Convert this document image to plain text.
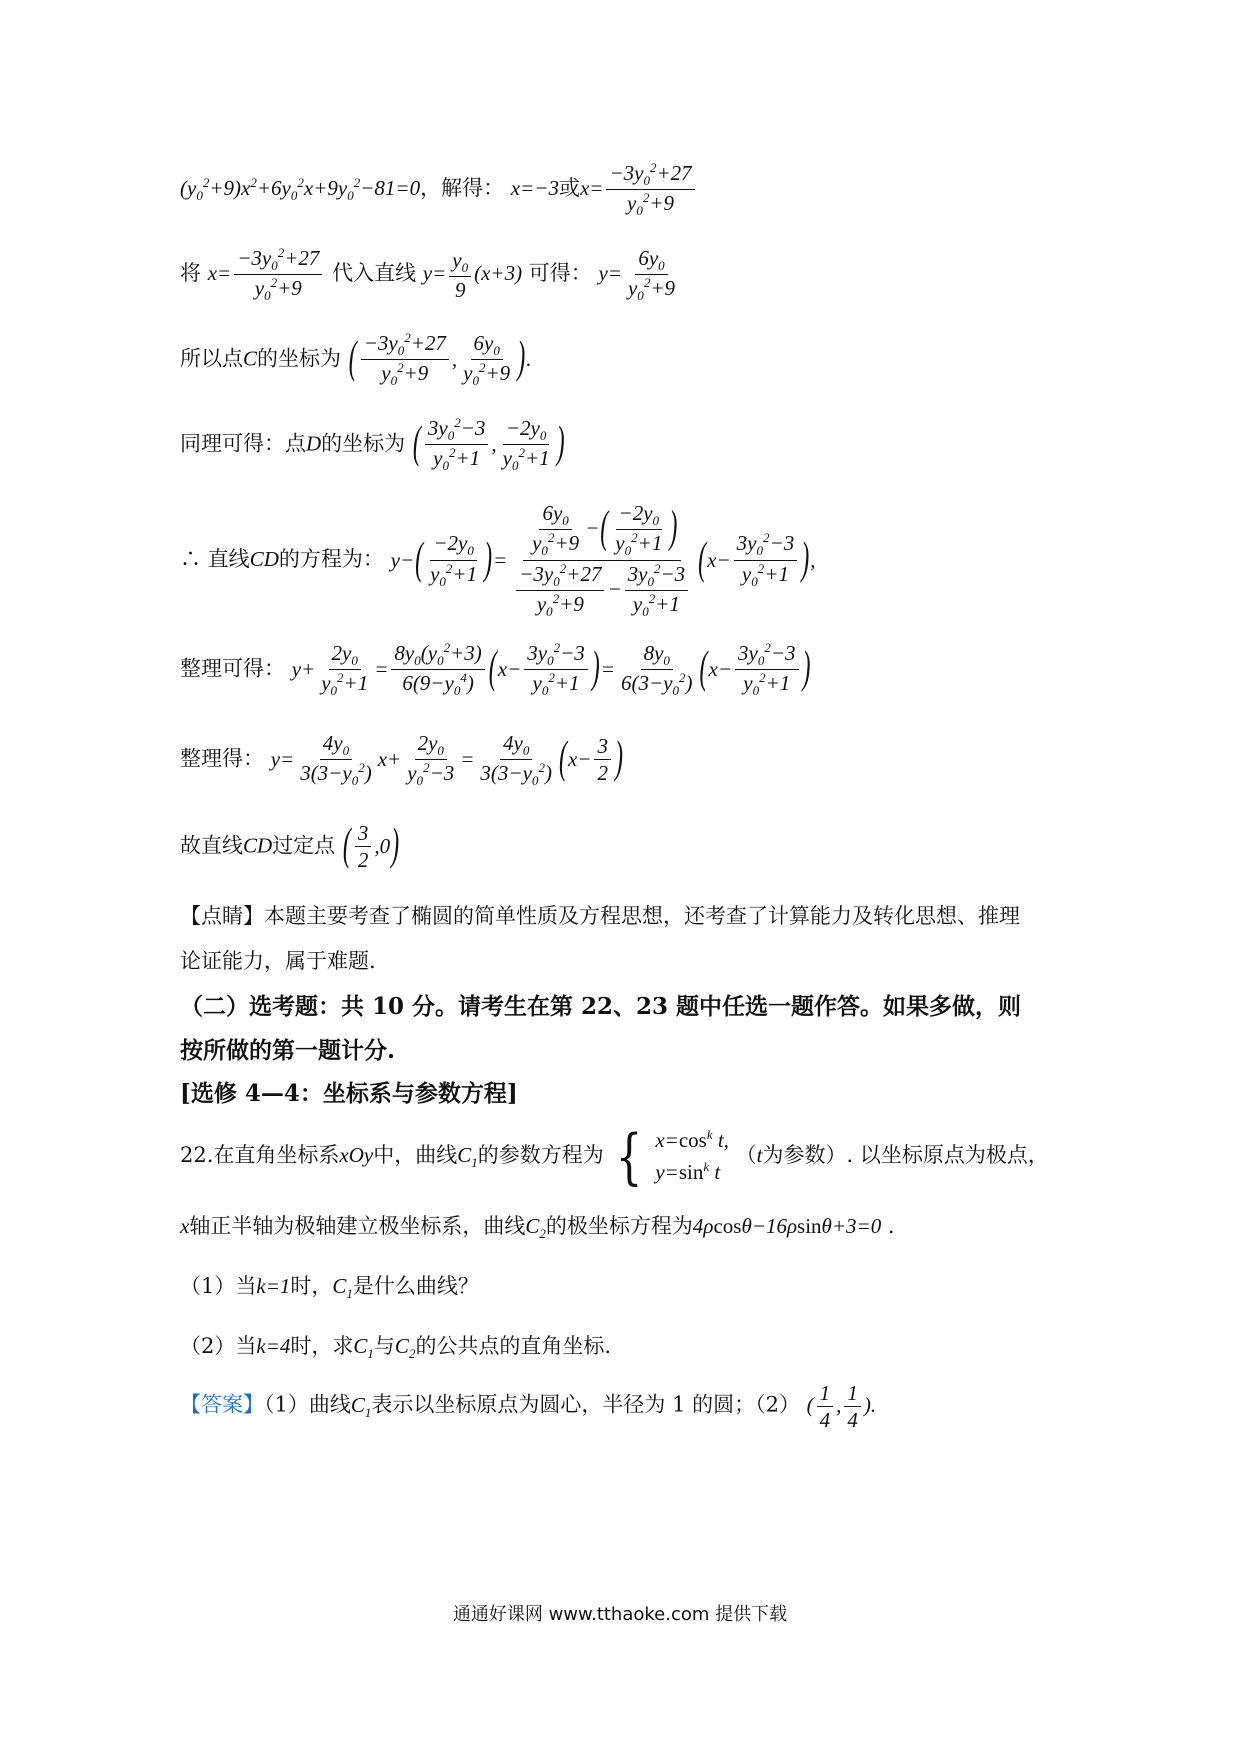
$(y_0^2+9)x^2+6y_0^2x+9y_0^2-81=0$，解得： x=−3或$x= \frac{-3y_0^2+27}{y_0^2+9}$
将 $x= \frac{-3y_0^2+27}{y_0^2+9}$ 代入直线 $y= \frac{y_0}{9} (x+3)$ 可得： $y= \frac{6y_0}{y_0^2+9}$
所以点C的坐标为 ( $\frac{-3y_0^2+27}{y_0^2+9}$ , $\frac{6y_0}{y_0^2+9}$ ) .
同理可得：点D的坐标为 ( $\frac{3y_0^2-3}{y_0^2+1}$ , $\frac{-2y_0}{y_0^2+1}$ )
∴ 直线CD的方程为： y− ( $\frac{-2y_0}{y_0^2+1}$ ) = $\frac{\frac{6y_0}{y_0^2+9} -( \frac{-2y_0}{y_0^2+1} )}{\frac{-3y_0^2+27}{y_0^2+9} - \frac{3y_0^2-3}{y_0^2+1}}$ ( $x- \frac{3y_0^2-3}{y_0^2+1}$ ) ,
整理可得： $y+ \frac{2y_0}{y_0^2+1} = \frac{8y_0(y_0^2+3)}{6(9-y_0^4)}$ ( $x- \frac{3y_0^2-3}{y_0^2+1}$ ) = $\frac{8y_0}{6(3-y_0^2)}$ ( $x- \frac{3y_0^2-3}{y_0^2+1}$ )
整理得： $y= \frac{4y_0}{3(3-y_0^2)} x+ \frac{2y_0}{y_0^2-3} = \frac{4y_0}{3(3-y_0^2)}$ ( $x- \frac{3}{2}$ )
故直线CD过定点 ( $\frac{3}{2} ,0$ )
【点睛】本题主要考查了椭圆的简单性质及方程思想，还考查了计算能力及转化思想、推理
论证能力，属于难题.
（二）选考题：共 10 分。请考生在第 22、23 题中任选一题作答。如果多做，则
按所做的第一题计分.
[选修 4—4：坐标系与参数方程]
22.在直角坐标系xOy中，曲线$C_1$的参数方程为 { $x=\cos^k$ t,
$y=\sin^k$ t
（t为参数）. 以坐标原点为极点，
x轴正半轴为极轴建立极坐标系，曲线$C_2$的极坐标方程为4ρcosθ−16ρsinθ+3=0 .
（1）当k=1时，$C_1$是什么曲线？
（2）当k=4时，求$C_1$与$C_2$的公共点的直角坐标.
【答案】（1）曲线$C_1$表示以坐标原点为圆心，半径为 1 的圆；（2） ( $\frac{1}{4}$ , $\frac{1}{4}$ ).
通通好课网 www.tthaoke.com 提供下载
